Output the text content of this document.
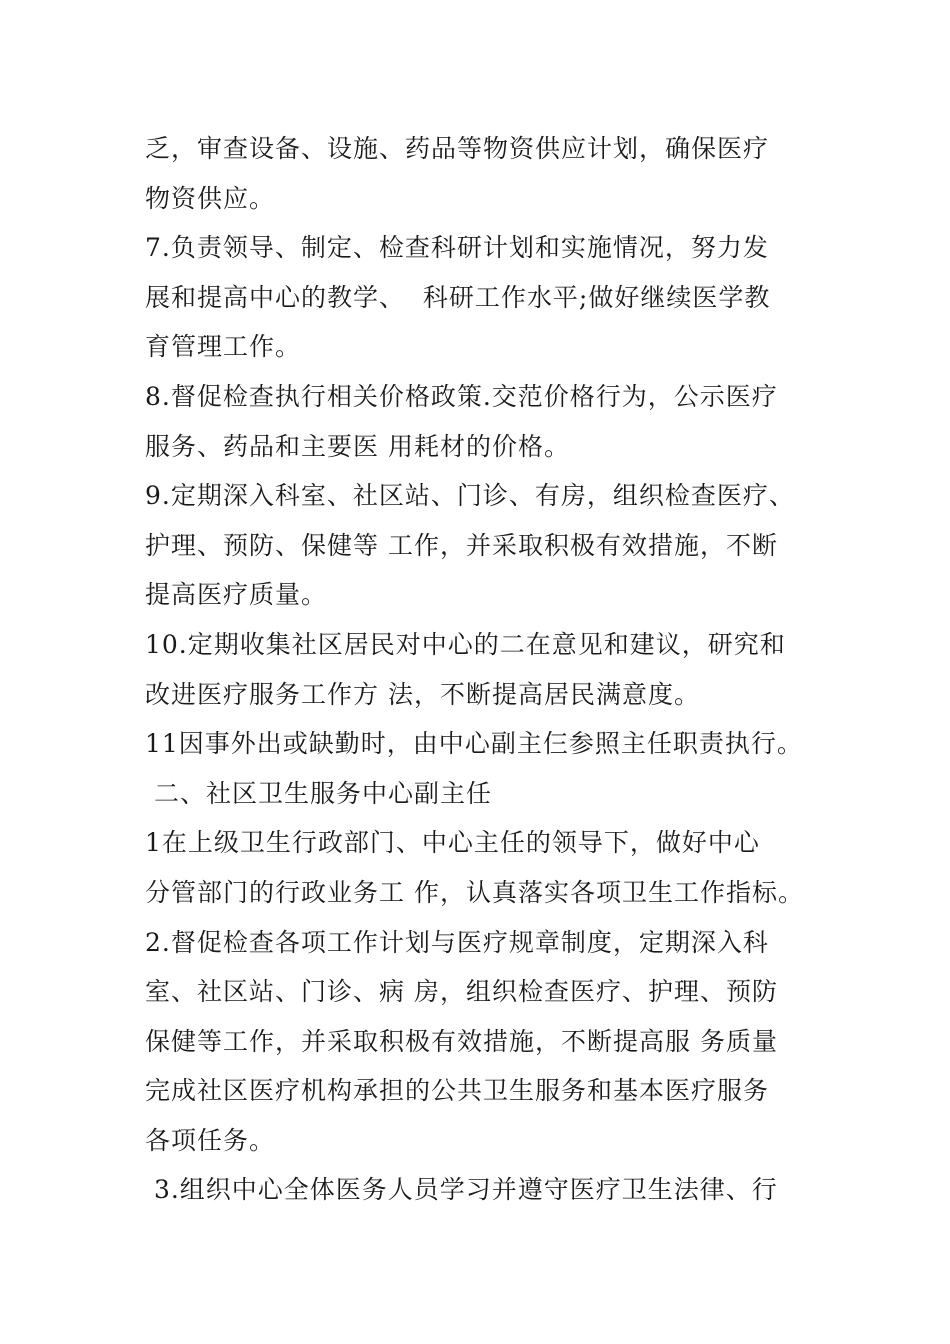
乏，审查设备、设施、药品等物资供应计划，确保医疗
物资供应。
7.负责领导、制定、检查科研计划和实施情况，努力发
展和提高中心的教学、  科研工作水平;做好继续医学教
育管理工作。
8.督促检查执行相关价格政策.交范价格行为，公示医疗
服务、药品和主要医 用耗材的价格。
9.定期深入科室、社区站、门诊、有房，组织检查医疗、
护理、预防、保健等 工作，并采取积极有效措施，不断
提高医疗质量。
10.定期收集社区居民对中心的二在意见和建议，研究和
改进医疗服务工作方 法，不断提高居民满意度。
11因事外出或缺勤时，由中心副主仨参照主任职责执行。
二、社区卫生服务中心副主任
1在上级卫生行政部门、中心主任的领导下，做好中心
分管部门的行政业务工 作，认真落实各项卫生工作指标。
2.督促检查各项工作计划与医疗规章制度，定期深入科
室、社区站、门诊、病 房，组织检查医疗、护理、预防
保健等工作，并采取积极有效措施，不断提高服 务质量
完成社区医疗机构承担的公共卫生服务和基本医疗服务
各项任务。
3.组织中心全体医务人员学习并遵守医疗卫生法律、行
